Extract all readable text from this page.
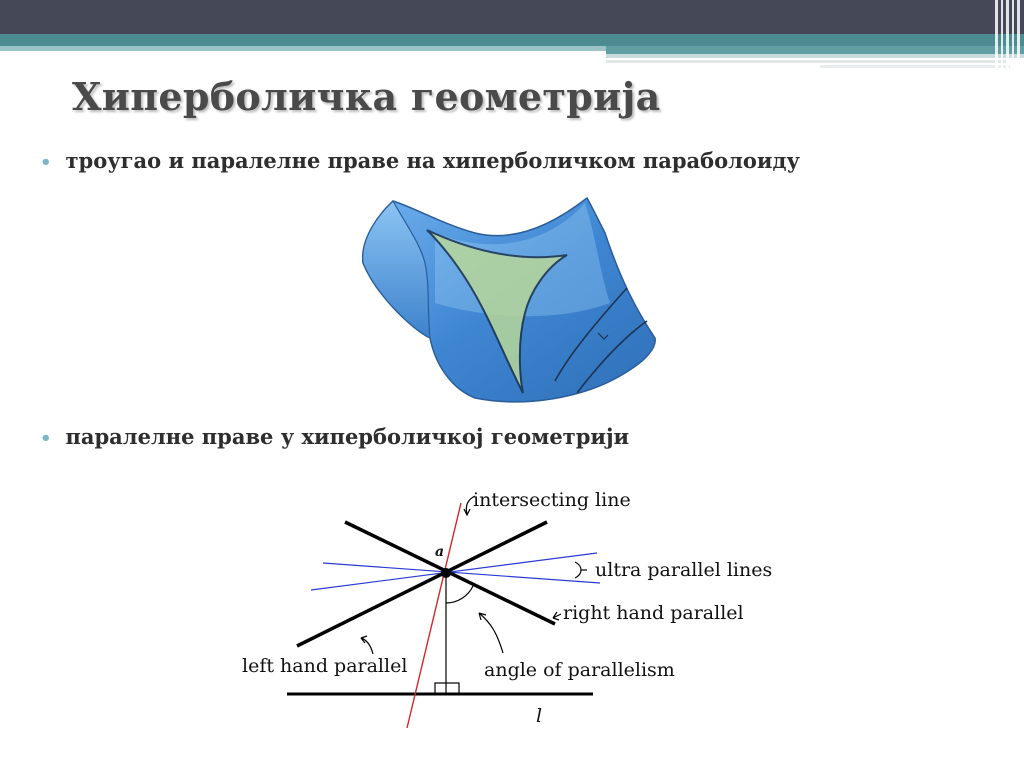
Хиперболичка геометрија
• троугао и паралелне праве на хиперболичком параболоиду
• паралелне праве у хиперболичкој геометрији
intersecting line
a
ultra parallel lines
right hand parallel
left hand parallel	angle of parallelism
l
